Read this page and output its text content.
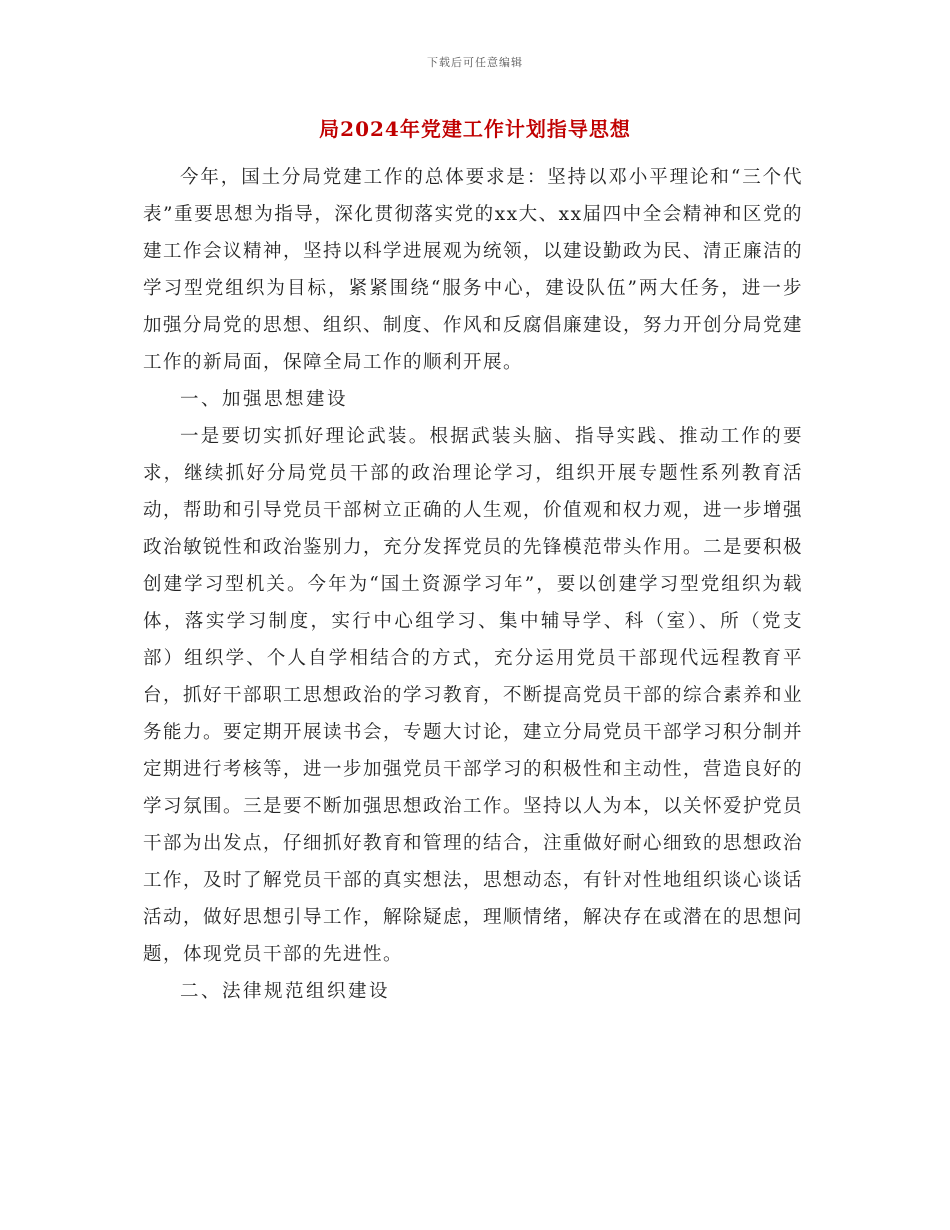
下载后可任意编辑
局2024年党建工作计划指导思想

今年，国土分局党建工作的总体要求是：坚持以邓小平理论和“三个代表”重要思想为指导，深化贯彻落实党的xx大、xx届四中全会精神和区党的建工作会议精神，坚持以科学进展观为统领，以建设勤政为民、清正廉洁的学习型党组织为目标，紧紧围绕“服务中心，建设队伍”两大任务，进一步加强分局党的思想、组织、制度、作风和反腐倡廉建设，努力开创分局党建工作的新局面，保障全局工作的顺利开展。

一、加强思想建设

一是要切实抓好理论武装。根据武装头脑、指导实践、推动工作的要求，继续抓好分局党员干部的政治理论学习，组织开展专题性系列教育活动，帮助和引导党员干部树立正确的人生观，价值观和权力观，进一步增强政治敏锐性和政治鉴别力，充分发挥党员的先锋模范带头作用。二是要积极创建学习型机关。今年为“国土资源学习年”，要以创建学习型党组织为载体，落实学习制度，实行中心组学习、集中辅导学、科（室）、所（党支部）组织学、个人自学相结合的方式，充分运用党员干部现代远程教育平台，抓好干部职工思想政治的学习教育，不断提高党员干部的综合素养和业务能力。要定期开展读书会，专题大讨论，建立分局党员干部学习积分制并定期进行考核等，进一步加强党员干部学习的积极性和主动性，营造良好的学习氛围。三是要不断加强思想政治工作。坚持以人为本，以关怀爱护党员干部为出发点，仔细抓好教育和管理的结合，注重做好耐心细致的思想政治工作，及时了解党员干部的真实想法，思想动态，有针对性地组织谈心谈话活动，做好思想引导工作，解除疑虑，理顺情绪，解决存在或潜在的思想问题，体现党员干部的先进性。

二、法律规范组织建设
